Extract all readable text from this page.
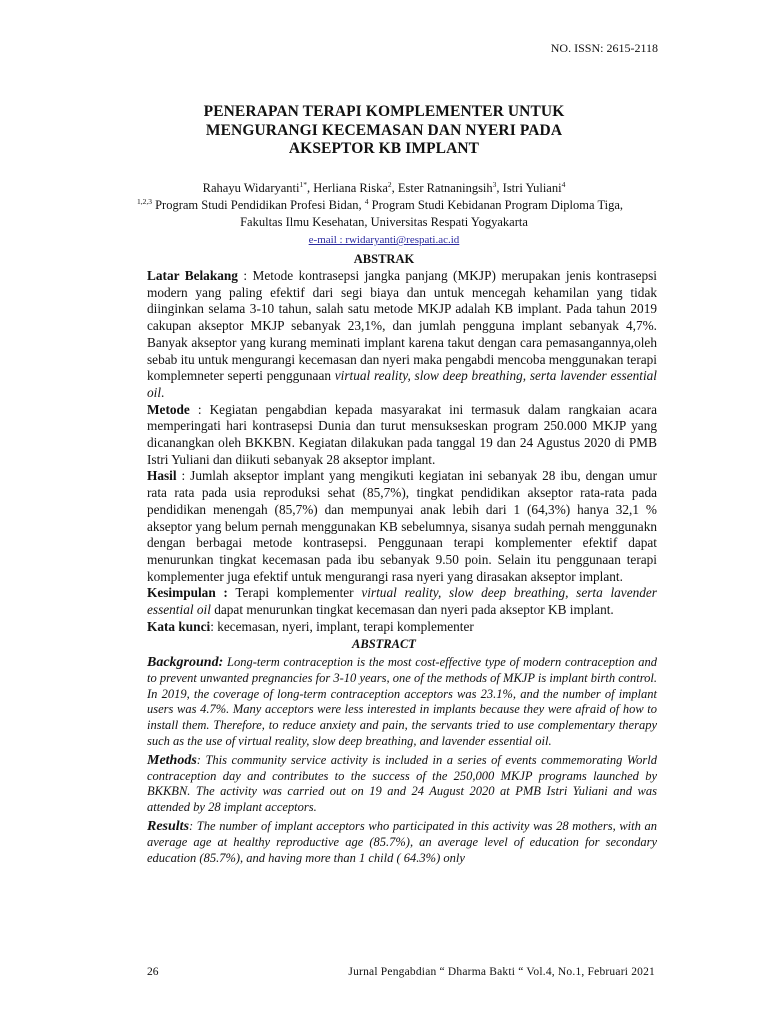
NO. ISSN: 2615-2118
PENERAPAN TERAPI KOMPLEMENTER UNTUK
MENGURANGI KECEMASAN DAN NYERI PADA
AKSEPTOR KB IMPLANT
Rahayu Widaryanti$^{1*}$, Herliana Riska$^2$, Ester Ratnaningsih$^3$, Istri Yuliani$^4$
$^{1,2,3}$ Program Studi Pendidikan Profesi Bidan, $^4$ Program Studi Kebidanan Program Diploma Tiga,
Fakultas Ilmu Kesehatan, Universitas Respati Yogyakarta
e-mail : rwidaryanti@respati.ac.id
ABSTRAK

Latar Belakang : Metode kontrasepsi jangka panjang (MKJP) merupakan jenis kontrasepsi modern yang paling efektif dari segi biaya dan untuk mencegah kehamilan yang tidak diinginkan selama 3-10 tahun, salah satu metode MKJP adalah KB implant. Pada tahun 2019 cakupan akseptor MKJP sebanyak 23,1%, dan jumlah pengguna implant sebanyak 4,7%. Banyak akseptor yang kurang meminati implant karena takut dengan cara pemasangannya,oleh sebab itu untuk mengurangi kecemasan dan nyeri maka pengabdi mencoba menggunakan terapi komplemneter seperti penggunaan virtual reality, slow deep breathing, serta lavender essential oil.

Metode : Kegiatan pengabdian kepada masyarakat ini termasuk dalam rangkaian acara memperingati hari kontrasepsi Dunia dan turut mensukseskan program 250.000 MKJP yang dicanangkan oleh BKKBN. Kegiatan dilakukan pada tanggal 19 dan 24 Agustus 2020 di PMB Istri Yuliani dan diikuti sebanyak 28 akseptor implant.

Hasil : Jumlah akseptor implant yang mengikuti kegiatan ini sebanyak 28 ibu, dengan umur rata rata pada usia reproduksi sehat (85,7%), tingkat pendidikan akseptor rata-rata pada pendidikan menengah (85,7%) dan mempunyai anak lebih dari 1 (64,3%) hanya 32,1 % akseptor yang belum pernah menggunakan KB sebelumnya, sisanya sudah pernah menggunakn dengan berbagai metode kontrasepsi. Penggunaan terapi komplementer efektif dapat menurunkan tingkat kecemasan pada ibu sebanyak 9.50 poin. Selain itu penggunaan terapi komplementer juga efektif untuk mengurangi rasa nyeri yang dirasakan akseptor implant.

Kesimpulan : Terapi komplementer virtual reality, slow deep breathing, serta lavender essential oil dapat menurunkan tingkat kecemasan dan nyeri pada akseptor KB implant.

Kata kunci: kecemasan, nyeri, implant, terapi komplementer

ABSTRACT

Background: Long-term contraception is the most cost-effective type of modern contraception and to prevent unwanted pregnancies for 3-10 years, one of the methods of MKJP is implant birth control. In 2019, the coverage of long-term contraception acceptors was 23.1%, and the number of implant users was 4.7%. Many acceptors were less interested in implants because they were afraid of how to install them. Therefore, to reduce anxiety and pain, the servants tried to use complementary therapy such as the use of virtual reality, slow deep breathing, and lavender essential oil.

Methods: This community service activity is included in a series of events commemorating World contraception day and contributes to the success of the 250,000 MKJP programs launched by BKKBN. The activity was carried out on 19 and 24 August 2020 at PMB Istri Yuliani and was attended by 28 implant acceptors.

Results: The number of implant acceptors who participated in this activity was 28 mothers, with an average age at healthy reproductive age (85.7%), an average level of education for secondary education (85.7%), and having more than 1 child ( 64.3%) only

26	Jurnal Pengabdian “ Dharma Bakti “ Vol.4, No.1, Februari 2021
